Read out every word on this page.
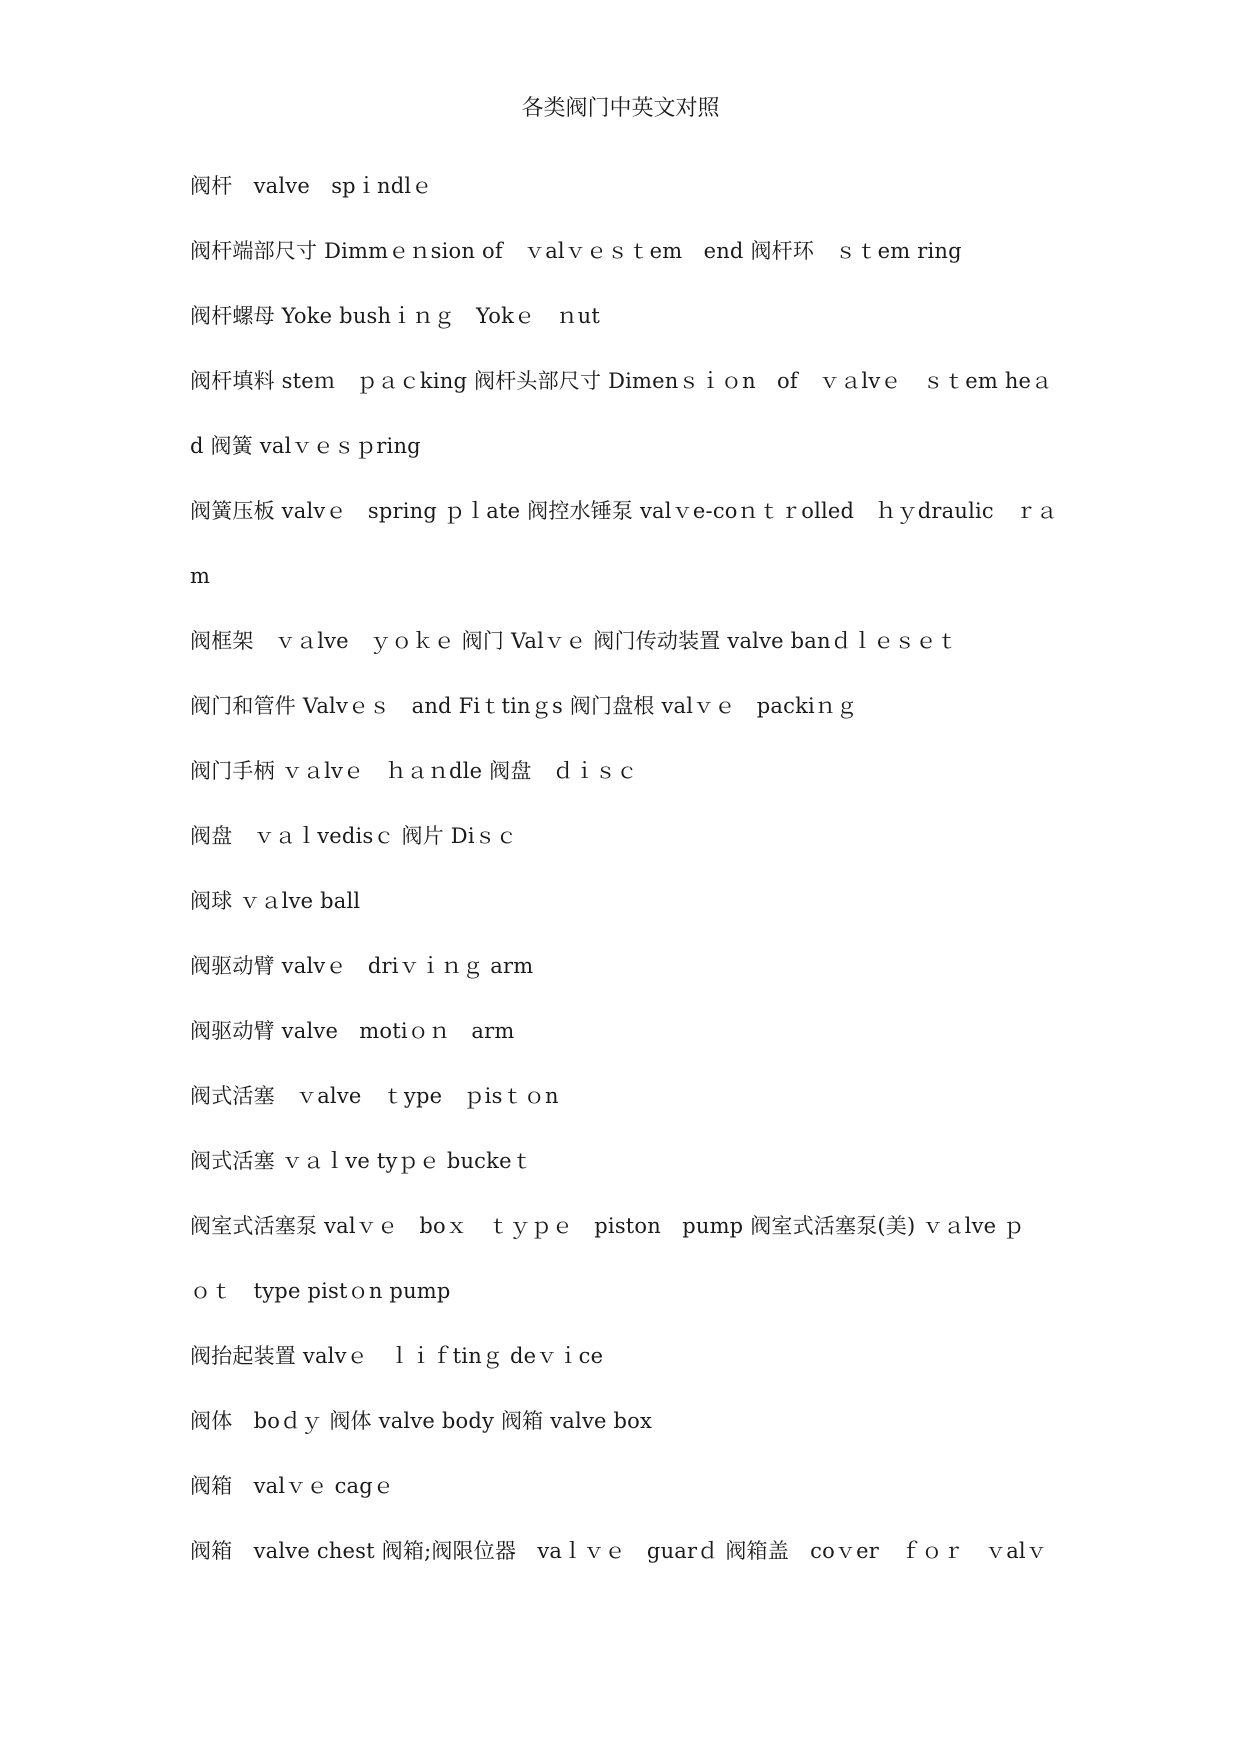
各类阀门中英文对照
阀杆　valve　spｉndlｅ
阀杆端部尺寸 Dimmｅｎsion of　ｖalｖｅｓｔem　end 阀杆环　ｓｔem ring
阀杆螺母 Yoke bushｉｎｇ　Yokｅ　ｎut
阀杆填料 steｍ　ｐａｃking 阀杆头部尺寸 Dimenｓｉｏn　of　ｖａlvｅ　ｓｔem heａ
d 阀簧 valｖｅｓｐring
阀簧压板 valvｅ　spring ｐｌate 阀控水锤泵 valｖe-coｎｔｒolled　ｈｙdraulic　ｒａ
m
阀框架　ｖａlve　ｙｏｋｅ 阀门 Valｖｅ 阀门传动装置 valve banｄｌｅｓｅｔ
阀门和管件 Valvｅｓ　and Fiｔtinｇs 阀门盘根 valｖｅ　packiｎｇ
阀门手柄 ｖａlvｅ　ｈａｎdle 阀盘　ｄｉｓｃ
阀盘　ｖａｌvedisｃ 阀片 Diｓｃ
阀球 ｖａlve ball
阀驱动臂 valvｅ　driｖｉｎｇ arm
阀驱动臂 valve　motiｏｎ　arm
阀式活塞　ｖalve　ｔype　ｐisｔｏn
阀式活塞 ｖａｌve tyｐｅ buckeｔ
阀室式活塞泵 valｖｅ　boｘ　ｔｙｐｅ　piston　pump 阀室式活塞泵(美) ｖａlve ｐ
ｏｔ　type pistｏn pump
阀抬起装置 valvｅ　ｌｉｆtinｇ deｖｉce
阀体　boｄｙ 阀体 valve body 阀箱 valve box
阀箱　valｖｅ cagｅ
阀箱　valve chest 阀箱;阀限位器　vaｌｖｅ　guarｄ 阀箱盖　coｖer　ｆｏｒ　ｖalｖ
